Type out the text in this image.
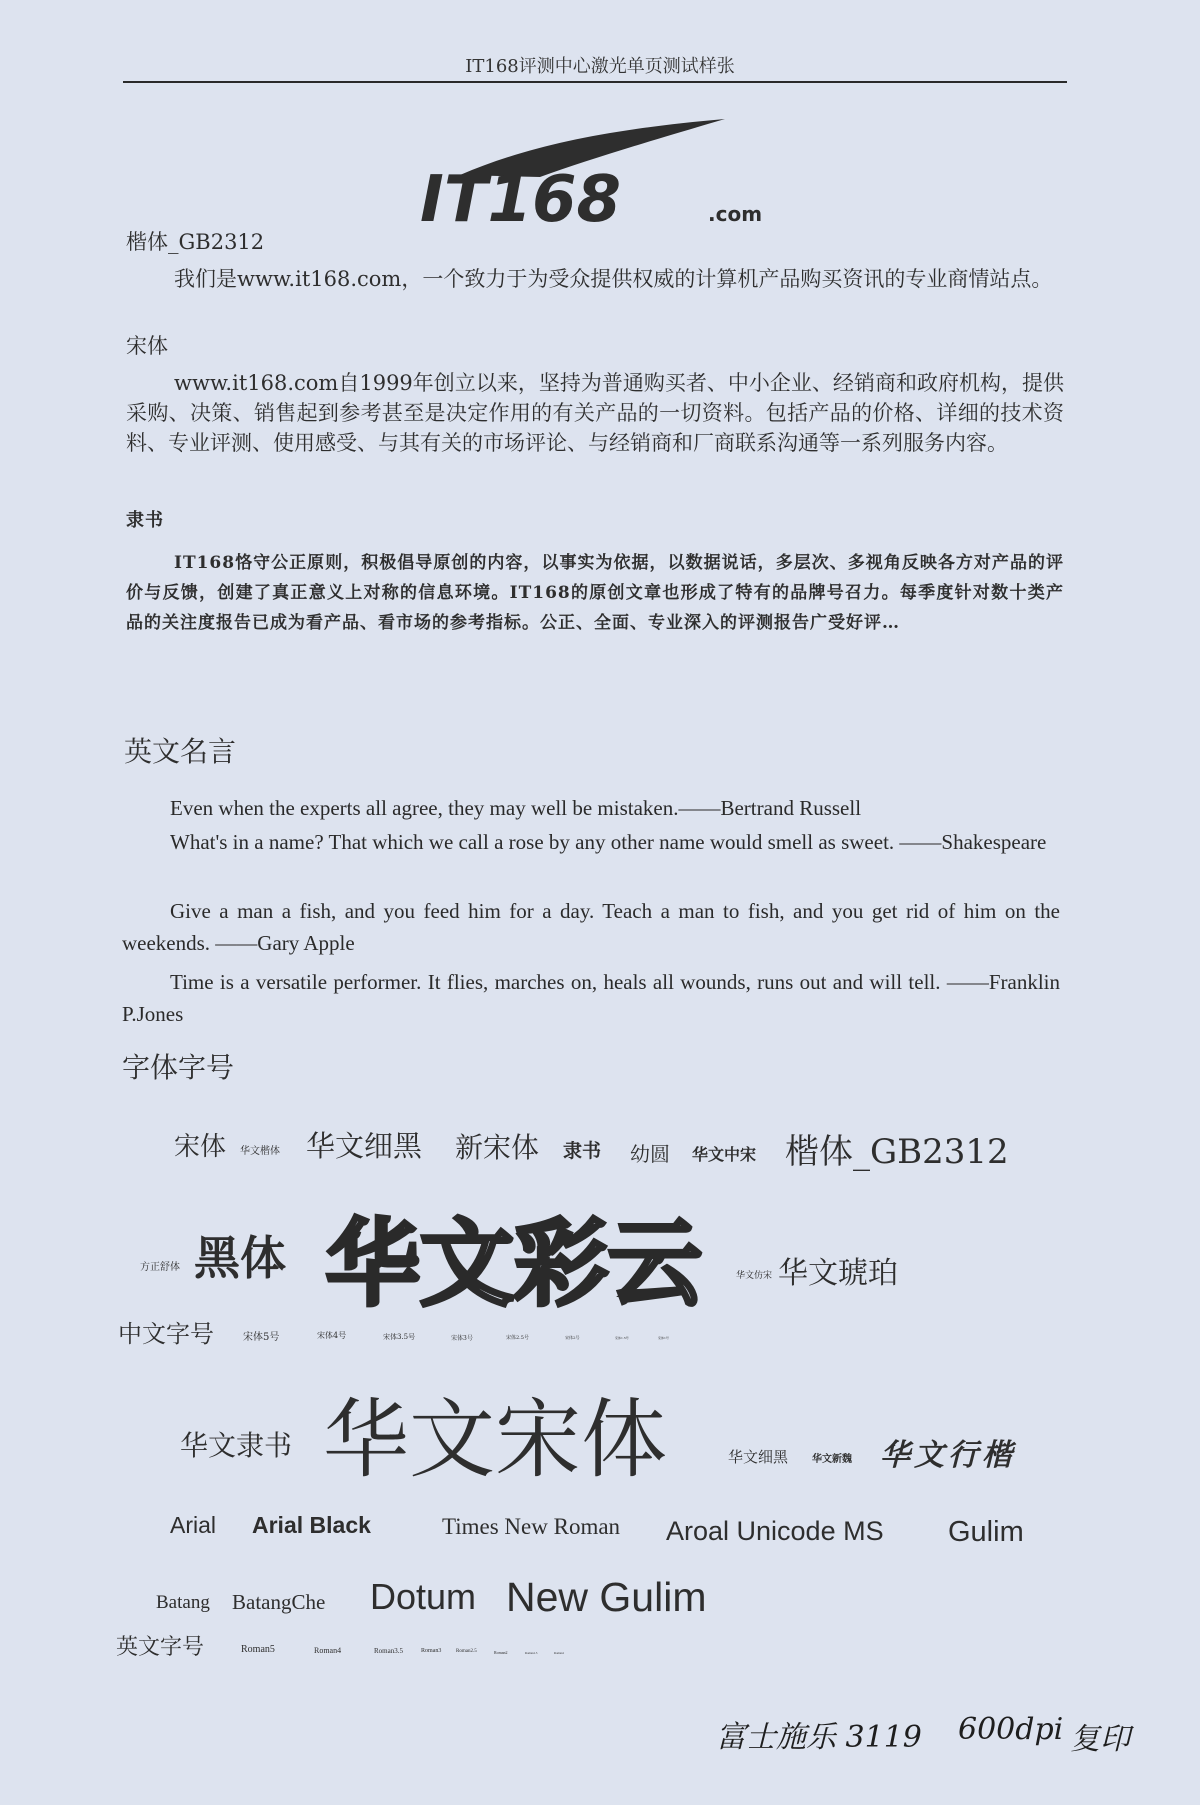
IT168评测中心激光单页测试样张
IT168	.com
楷体_GB2312
我们是www.it168.com，一个致力于为受众提供权威的计算机产品购买资讯的专业商情站点。
宋体
www.it168.com自1999年创立以来，坚持为普通购买者、中小企业、经销商和政府机构，提供采购、决策、销售起到参考甚至是决定作用的有关产品的一切资料。包括产品的价格、详细的技术资料、专业评测、使用感受、与其有关的市场评论、与经销商和厂商联系沟通等一系列服务内容。
隶书
IT168恪守公正原则，积极倡导原创的内容，以事实为依据，以数据说话，多层次、多视角反映各方对产品的评价与反馈，创建了真正意义上对称的信息环境。IT168的原创文章也形成了特有的品牌号召力。每季度针对数十类产品的关注度报告已成为看产品、看市场的参考指标。公正、全面、专业深入的评测报告广受好评…
英文名言
Even when the experts all agree, they may well be mistaken.——Bertrand Russell
What's in a name? That which we call a rose by any other name would smell as sweet. ——Shakespeare
Give a man a fish, and you feed him for a day. Teach a man to fish, and you get rid of him on the weekends. ——Gary Apple
Time is a versatile performer. It flies, marches on, heals all wounds, runs out and will tell. ——Franklin P.Jones
字体字号
宋体 华文楷体 华文细黑 新宋体 隶书 幼圆 华文中宋 楷体_GB2312
方正舒体 黑体 华文彩云	华文仿宋 华文琥珀
中文字号	宋体5号	宋体4号	宋体3.5号	宋体3号	宋体2.5号	宋体2号	宋体1.5号	宋体1号
华文隶书 华文宋体	华文细黑 华文新魏 华文行楷
Arial Arial Black	Times New Roman Aroal Unicode MS Gulim
Batang BatangChe Dotum New Gulim
英文字号	Roman5	Roman4	Roman3.5	Roman3	Roman2.5	Roman2	Roman1.5	Roman1
富士施乐 3119 600dpi 复印
